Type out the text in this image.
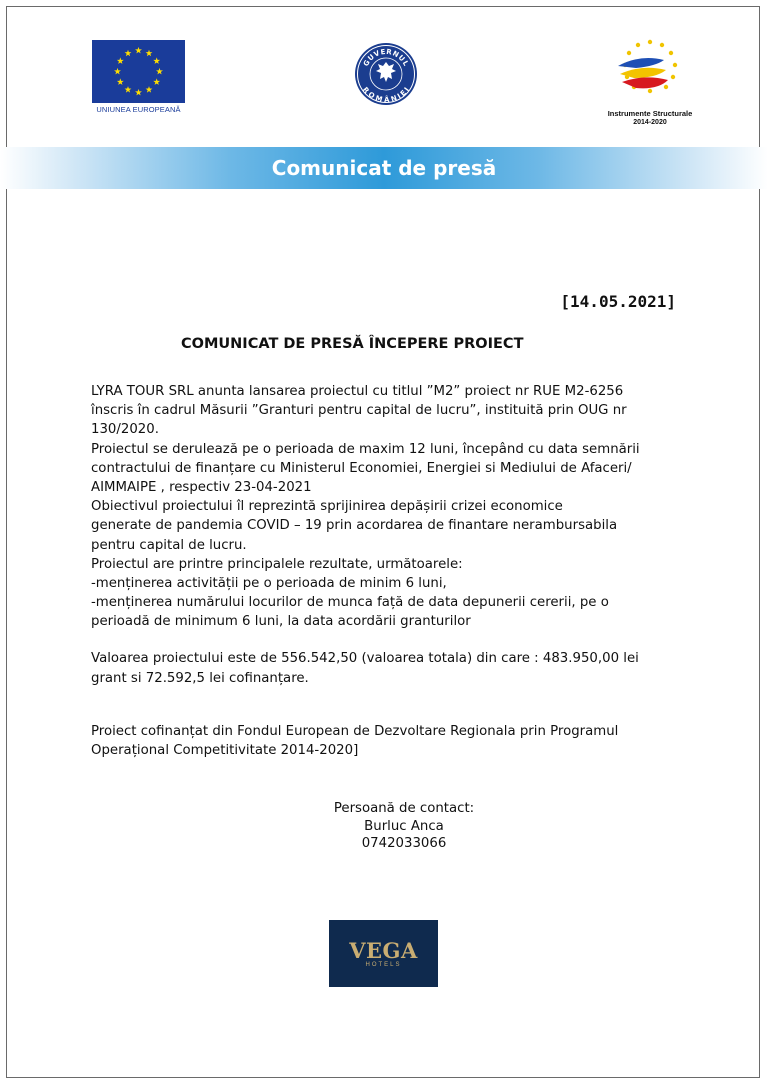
UNIUNEA EUROPEANĂ
GUVERNUL
ROMÂNIEI
Instrumente Structurale
2014-2020
Comunicat de presă
[14.05.2021]
COMUNICAT DE PRESĂ ÎNCEPERE PROIECT
LYRA TOUR SRL anunta lansarea proiectul cu titlul ”M2” proiect nr RUE M2-6256
înscris în cadrul Măsurii ”Granturi pentru capital de lucru”, instituită prin OUG nr
130/2020.
Proiectul se derulează pe o perioada de maxim 12 luni, începând cu data semnării
contractului de finanțare cu Ministerul Economiei, Energiei si Mediului de Afaceri/
AIMMAIPE , respectiv 23-04-2021
Obiectivul proiectului îl reprezintă sprijinirea depășirii crizei economice
generate de pandemia COVID – 19 prin acordarea de finantare nerambursabila
pentru capital de lucru.
Proiectul are printre principalele rezultate, următoarele:
-menținerea activității pe o perioada de minim 6 luni,
-menținerea numărului locurilor de munca față de data depunerii cererii, pe o
perioadă de minimum 6 luni, la data acordării granturilor
Valoarea proiectului este de 556.542,50 (valoarea totala) din care : 483.950,00 lei
grant si 72.592,5 lei cofinanțare.
Proiect cofinanțat din Fondul European de Dezvoltare Regionala prin Programul
Operațional Competitivitate 2014-2020]
Persoană de contact:
Burluc Anca
0742033066
VEGA
HOTELS
